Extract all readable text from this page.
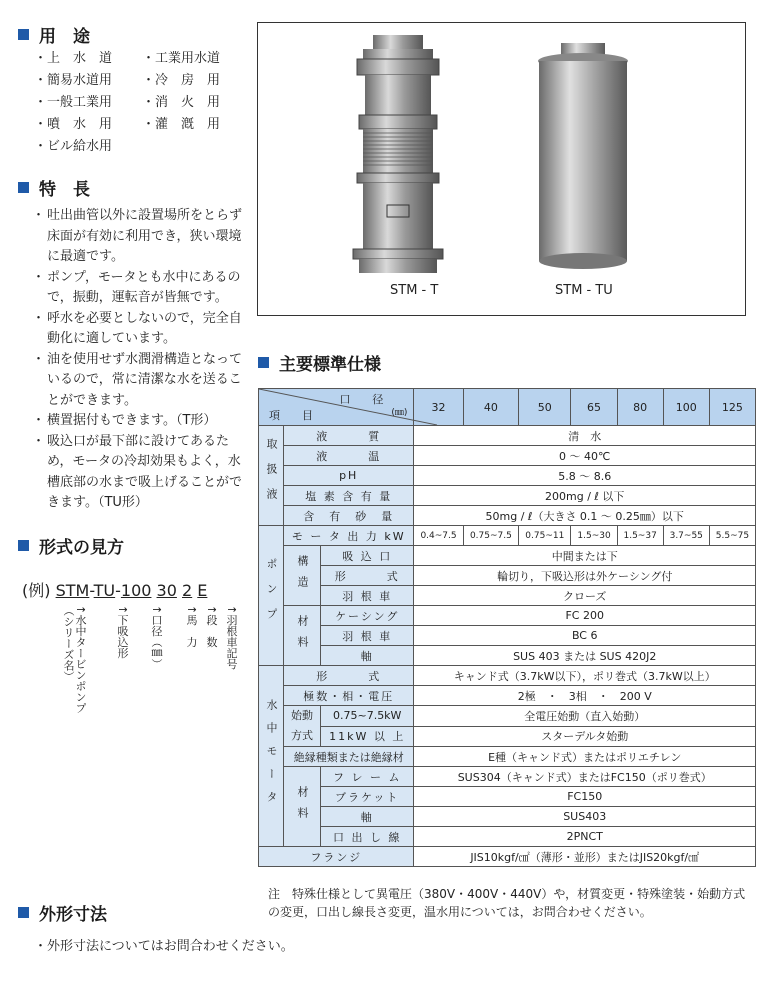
用　途
特　長
形式の見方
主要標準仕様
外形寸法
・ 上　水　道
・ 簡易水道用
・ 一般工業用
・ 噴　水　用
・ ビル給水用
・ 工業用水道
・ 冷　房　用
・ 消　火　用
・ 灌　漑　用
・ 吐出曲管以外に設置場所をとらず床面が有効に利用でき，狭い環境に最適です。
・ ポンプ，モータとも水中にあるので，振動，運転音が皆無です。
・ 呼水を必要としないので，完全自動化に適しています。
・ 油を使用せず水潤滑構造となっているので，常に清潔な水を送ることができます。
・ 横置据付もできます。（T形）
・ 吸込口が最下部に設けてあるため，モータの冷却効果もよく，水槽底部の水まで吸上げることができます。（TU形）
(例) STM-TU-100 30 2 E
↑水中タービンポンプ（シリーズ名）	↑下吸込形 ↑口径（㎜） ↑馬　力 ↑段　数 ↑羽根車記号
STM - T	STM - TU
口　　径
(㎜)
項　　目			32	40	50	65	80	100	125
取扱液	液　　　質		清　水						
	液　　　温		0 ～ 40℃						
	pH		5.8 ～ 8.6						
	塩 素 含 有 量		200mg / ℓ 以下						
	含　有　砂　量		50mg / ℓ（大きさ 0.1 ～ 0.25㎜）以下						
ポンプ	モ ー タ 出 力 kW		0.4~7.5	0.75~7.5	0.75~11	1.5~30	1.5~37	3.7~55	5.5~75
	構造	吸 込 口	中間または下						
		形　　　式	輪切り，下吸込形は外ケーシング付						
		羽 根 車	クローズ						
	材料	ケーシング	FC 200						
		羽 根 車	BC 6						
		軸	SUS 403 または SUS 420J2						
水中モータ	形　　　式		キャンド式（3.7kW以下），ポリ巻式（3.7kW以上）						
	極数・相・電圧		2極　・　3相　・　200 V						
	始動方式	0.75~7.5kW	全電圧始動（直入始動）						
		11kW 以 上	スターデルタ始動						
	絶縁種類または絶縁材		E種（キャンド式）またはポリエチレン						
	材料	フ レ ー ム	SUS304（キャンド式）またはFC150（ポリ巻式）						
		ブラケット	FC150						
		軸	SUS403						
		口 出 し 線	2PNCT						
フランジ			JIS10kgf/㎠（薄形・並形）またはJIS20kgf/㎠						
注　特殊仕様として異電圧（380V・400V・440V）や，材質変更・特殊塗装・始動方式の変更，口出し線長さ変更，温水用については，お問合わせください。
・外形寸法についてはお問合わせください。
